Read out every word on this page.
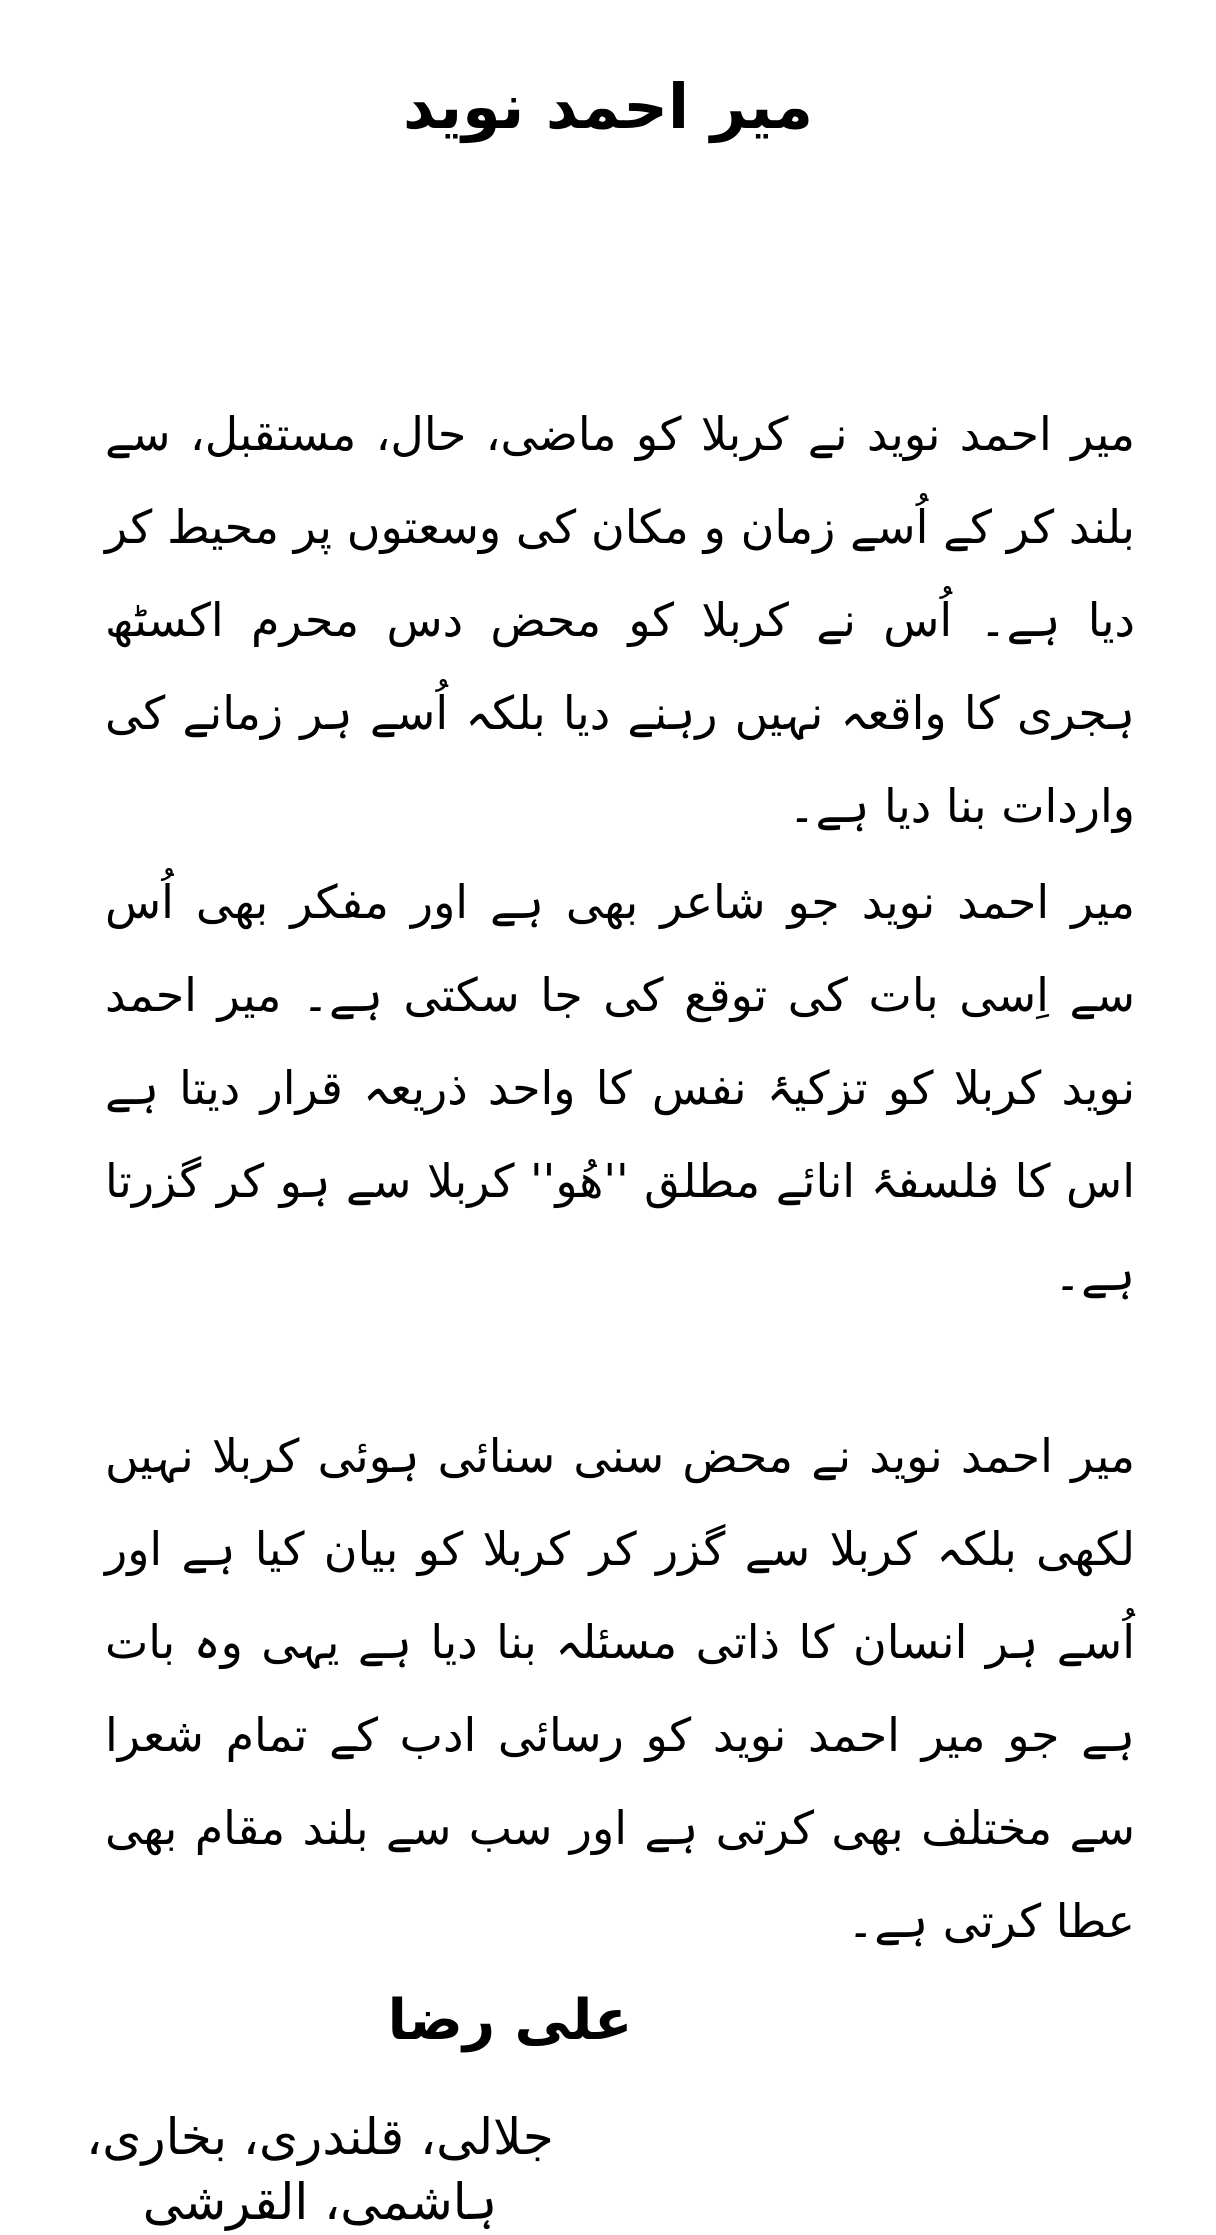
میر احمد نوید

میر احمد نوید نے کربلا کو ماضی، حال، مستقبل، سے بلند کر کے اُسے زمان و مکان کی وسعتوں پر محیط کر دیا ہے۔ اُس نے کربلا کو محض دس محرم اکسٹھ ہجری کا واقعہ نہیں رہنے دیا بلکہ اُسے ہر زمانے کی واردات بنا دیا ہے۔

میر احمد نوید جو شاعر بھی ہے اور مفکر بھی اُس سے اِسی بات کی توقع کی جا سکتی ہے۔ میر احمد نوید کربلا کو تزکیۂ نفس کا واحد ذریعہ قرار دیتا ہے اس کا فلسفۂ انائے مطلق ''ھُو'' کربلا سے ہو کر گزرتا ہے۔

میر احمد نوید نے محض سنی سنائی ہوئی کربلا نہیں لکھی بلکہ کربلا سے گزر کر کربلا کو بیان کیا ہے اور اُسے ہر انسان کا ذاتی مسئلہ بنا دیا ہے یہی وہ بات ہے جو میر احمد نوید کو رسائی ادب کے تمام شعرا سے مختلف بھی کرتی ہے اور سب سے بلند مقام بھی عطا کرتی ہے۔

علی رضا
جلالی، قلندری، بخاری، ہاشمی، القرشی
